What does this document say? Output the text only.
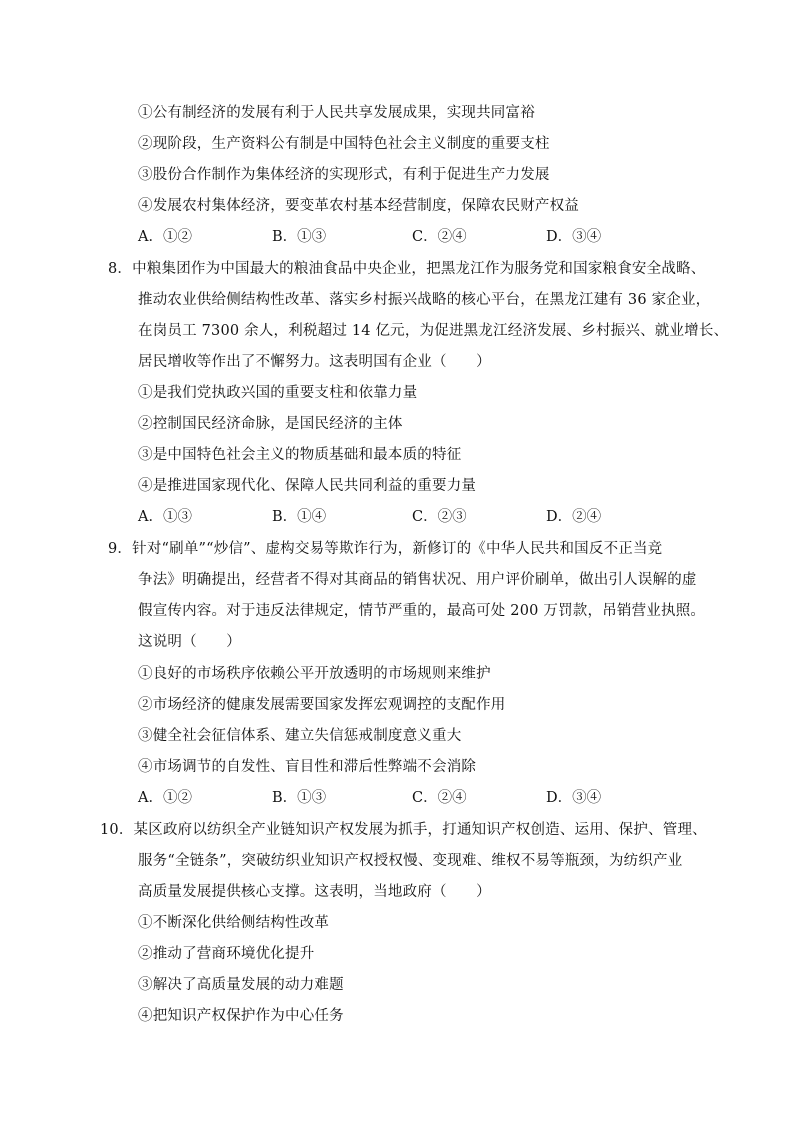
①公有制经济的发展有利于人民共享发展成果，实现共同富裕
②现阶段，生产资料公有制是中国特色社会主义制度的重要支柱
③股份合作制作为集体经济的实现形式，有利于促进生产力发展
④发展农村集体经济，要变革农村基本经营制度，保障农民财产权益
A．①②	B．①③	C．②④	D．③④
8．中粮集团作为中国最大的粮油食品中央企业，把黑龙江作为服务党和国家粮食安全战略、
推动农业供给侧结构性改革、落实乡村振兴战略的核心平台，在黑龙江建有 36 家企业，
在岗员工 7300 余人，利税超过 14 亿元，为促进黑龙江经济发展、乡村振兴、就业增长、
居民增收等作出了不懈努力。这表明国有企业（　　）
①是我们党执政兴国的重要支柱和依靠力量
②控制国民经济命脉，是国民经济的主体
③是中国特色社会主义的物质基础和最本质的特征
④是推进国家现代化、保障人民共同利益的重要力量
A．①③	B．①④	C．②③	D．②④
9．针对“刷单”“炒信”、虚构交易等欺诈行为，新修订的《中华人民共和国反不正当竞
争法》明确提出，经营者不得对其商品的销售状况、用户评价刷单，做出引人误解的虚
假宣传内容。对于违反法律规定，情节严重的，最高可处 200 万罚款，吊销营业执照。
这说明（　　）
①良好的市场秩序依赖公平开放透明的市场规则来维护
②市场经济的健康发展需要国家发挥宏观调控的支配作用
③健全社会征信体系、建立失信惩戒制度意义重大
④市场调节的自发性、盲目性和滞后性弊端不会消除
A．①②	B．①③	C．②④	D．③④
10．某区政府以纺织全产业链知识产权发展为抓手，打通知识产权创造、运用、保护、管理、
服务“全链条”，突破纺织业知识产权授权慢、变现难、维权不易等瓶颈，为纺织产业
高质量发展提供核心支撑。这表明，当地政府（　　）
①不断深化供给侧结构性改革
②推动了营商环境优化提升
③解决了高质量发展的动力难题
④把知识产权保护作为中心任务
